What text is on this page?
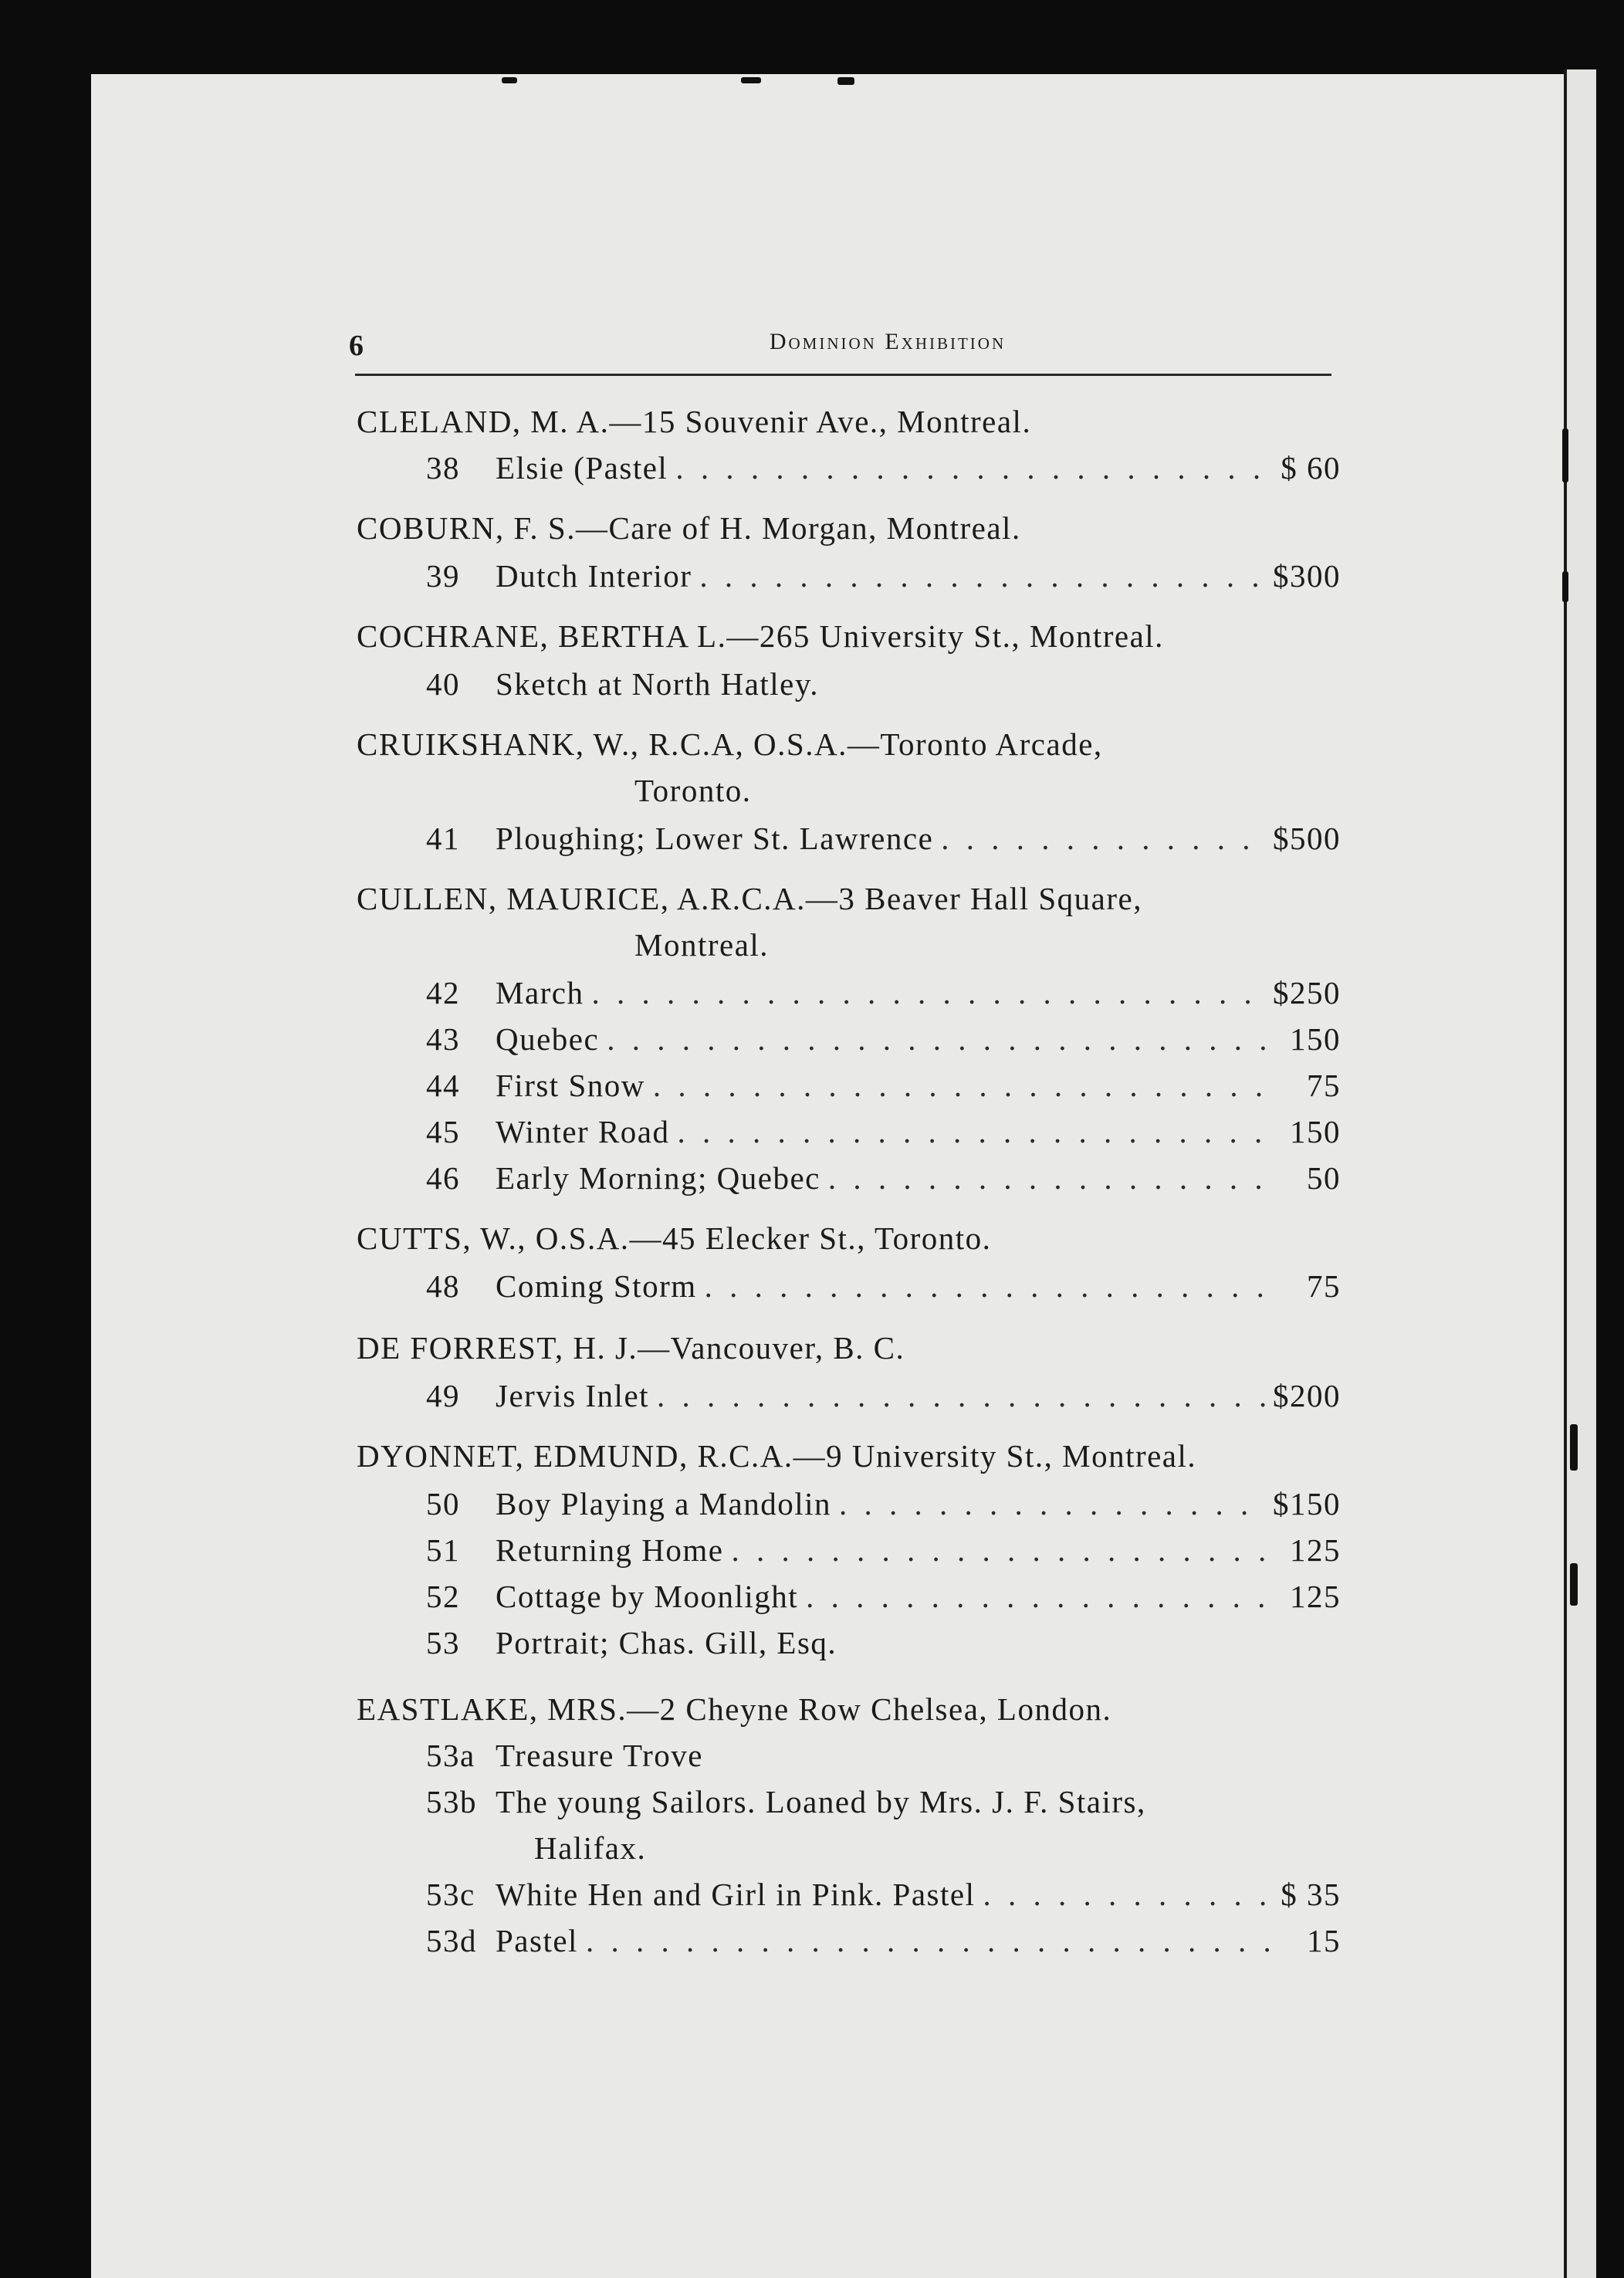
6	Dominion Exhibition
CLELAND, M. A.—15 Souvenir Ave., Montreal.
38	Elsie (Pastel . . .	$ 60
COBURN, F. S.—Care of H. Morgan, Montreal.
39	Dutch Interior . . .	$300
COCHRANE, BERTHA L.—265 University St., Montreal.
40	Sketch at North Hatley.
CRUIKSHANK, W., R.C.A, O.S.A.—Toronto Arcade,
Toronto.
41	Ploughing; Lower St. Lawrence . . .	$500
CULLEN, MAURICE, A.R.C.A.—3 Beaver Hall Square,
Montreal.
42	March . . .	$250
43	Quebec . . .	150
44	First Snow . . .	75
45	Winter Road . . .	150
46	Early Morning; Quebec . . .	50
CUTTS, W., O.S.A.—45 Elecker St., Toronto.
48	Coming Storm . . .	75
DE FORREST, H. J.—Vancouver, B. C.
49	Jervis Inlet . . .	$200
DYONNET, EDMUND, R.C.A.—9 University St., Montreal.
50	Boy Playing a Mandolin . . .	$150
51	Returning Home . . .	125
52	Cottage by Moonlight . . .	125
53	Portrait; Chas. Gill, Esq.
EASTLAKE, MRS.—2 Cheyne Row Chelsea, London.
53a Treasure Trove
53b The young Sailors. Loaned by Mrs. J. F. Stairs,
Halifax.
53c White Hen and Girl in Pink. Pastel . . .	$ 35
53d Pastel . . .	15
